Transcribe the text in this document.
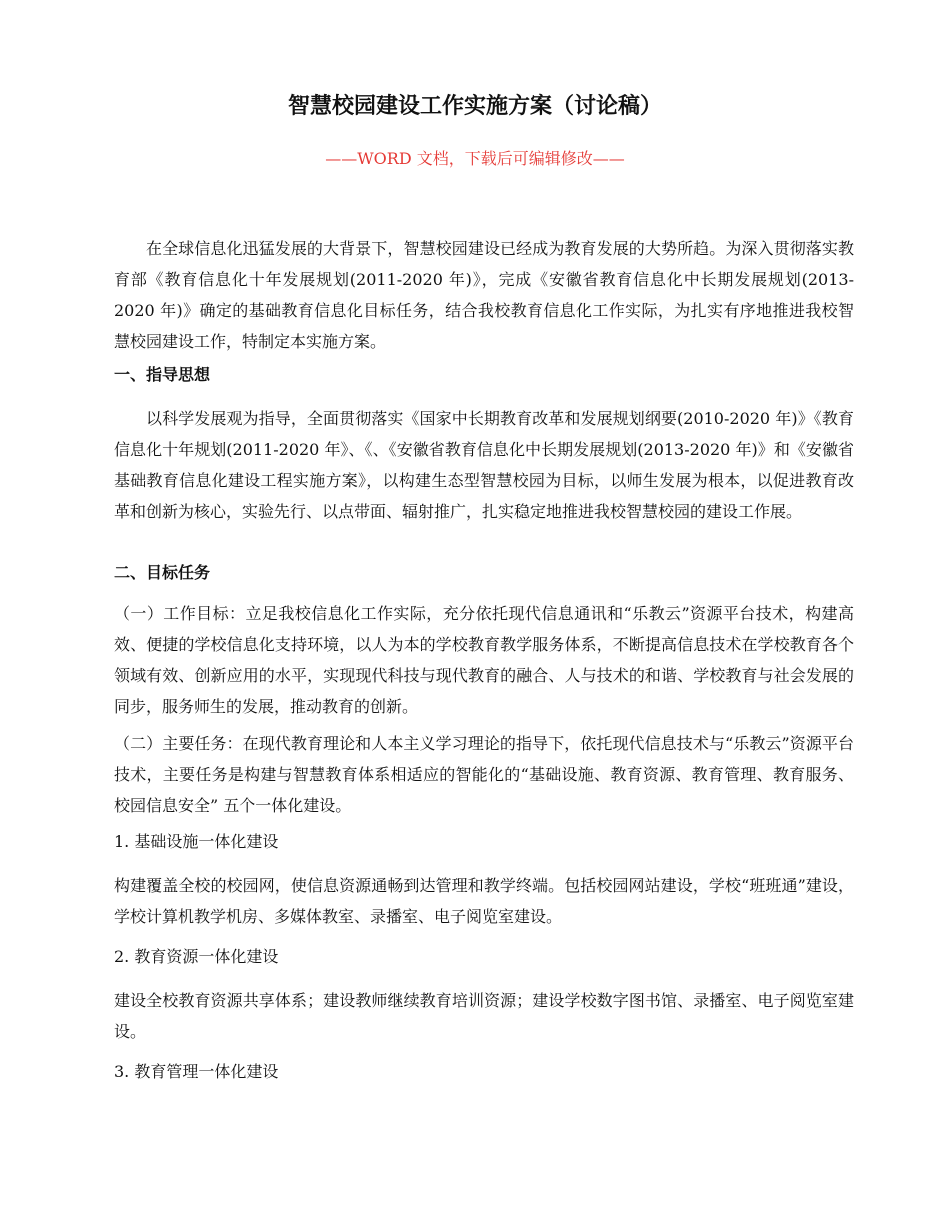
智慧校园建设工作实施方案（讨论稿）

——WORD 文档，下载后可编辑修改——

在全球信息化迅猛发展的大背景下，智慧校园建设已经成为教育发展的大势所趋。为深入贯彻落实教育部《教育信息化十年发展规划(2011-2020 年)》，完成《安徽省教育信息化中长期发展规划(2013-2020 年)》确定的基础教育信息化目标任务，结合我校教育信息化工作实际，为扎实有序地推进我校智慧校园建设工作，特制定本实施方案。

一、指导思想

以科学发展观为指导，全面贯彻落实《国家中长期教育改革和发展规划纲要(2010-2020 年)》《教育信息化十年规划(2011-2020 年》、《、《安徽省教育信息化中长期发展规划(2013-2020 年)》和《安徽省基础教育信息化建设工程实施方案》，以构建生态型智慧校园为目标，以师生发展为根本，以促进教育改革和创新为核心，实验先行、以点带面、辐射推广，扎实稳定地推进我校智慧校园的建设工作展。

二、目标任务

（一）工作目标：立足我校信息化工作实际，充分依托现代信息通讯和“乐教云”资源平台技术，构建高效、便捷的学校信息化支持环境，以人为本的学校教育教学服务体系，不断提高信息技术在学校教育各个领域有效、创新应用的水平，实现现代科技与现代教育的融合、人与技术的和谐、学校教育与社会发展的同步，服务师生的发展，推动教育的创新。

（二）主要任务：在现代教育理论和人本主义学习理论的指导下，依托现代信息技术与“乐教云”资源平台技术，主要任务是构建与智慧教育体系相适应的智能化的“基础设施、教育资源、教育管理、教育服务、校园信息安全” 五个一体化建设。

1. 基础设施一体化建设

构建覆盖全校的校园网，使信息资源通畅到达管理和教学终端。包括校园网站建设，学校“班班通”建设，学校计算机教学机房、多媒体教室、录播室、电子阅览室建设。

2. 教育资源一体化建设

建设全校教育资源共享体系；建设教师继续教育培训资源；建设学校数字图书馆、录播室、电子阅览室建设。

3. 教育管理一体化建设
